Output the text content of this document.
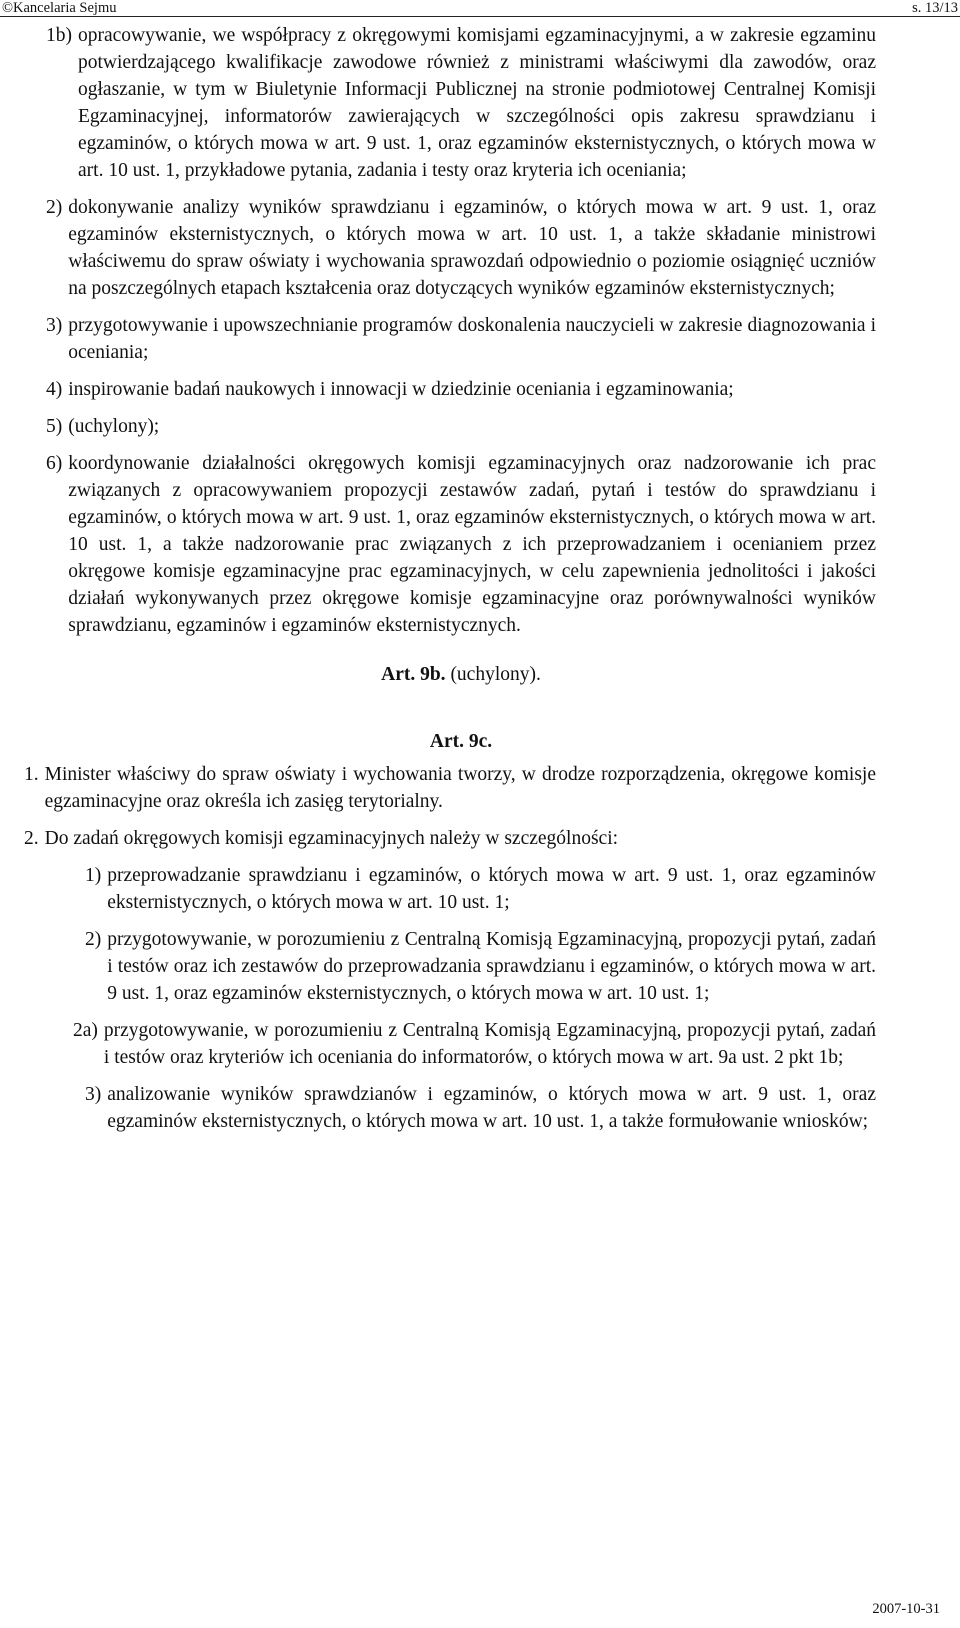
©Kancelaria Sejmu	s. 13/13
1b) opracowywanie, we współpracy z okręgowymi komisjami egzaminacyjnymi, a w zakresie egzaminu potwierdzającego kwalifikacje zawodowe również z ministrami właściwymi dla zawodów, oraz ogłaszanie, w tym w Biuletynie Informacji Publicznej na stronie podmiotowej Centralnej Komisji Egzaminacyjnej, informatorów zawierających w szczególności opis zakresu sprawdzianu i egzaminów, o których mowa w art. 9 ust. 1, oraz egzaminów eksternistycznych, o których mowa w art. 10 ust. 1, przykładowe pytania, zadania i testy oraz kryteria ich oceniania;
2) dokonywanie analizy wyników sprawdzianu i egzaminów, o których mowa w art. 9 ust. 1, oraz egzaminów eksternistycznych, o których mowa w art. 10 ust. 1, a także składanie ministrowi właściwemu do spraw oświaty i wychowania sprawozdań odpowiednio o poziomie osiągnięć uczniów na poszczególnych etapach kształcenia oraz dotyczących wyników egzaminów eksternistycznych;
3) przygotowywanie i upowszechnianie programów doskonalenia nauczycieli w zakresie diagnozowania i oceniania;
4) inspirowanie badań naukowych i innowacji w dziedzinie oceniania i egzaminowania;
5) (uchylony);
6) koordynowanie działalności okręgowych komisji egzaminacyjnych oraz nadzorowanie ich prac związanych z opracowywaniem propozycji zestawów zadań, pytań i testów do sprawdzianu i egzaminów, o których mowa w art. 9 ust. 1, oraz egzaminów eksternistycznych, o których mowa w art. 10 ust. 1, a także nadzorowanie prac związanych z ich przeprowadzaniem i ocenianiem przez okręgowe komisje egzaminacyjne prac egzaminacyjnych, w celu zapewnienia jednolitości i jakości działań wykonywanych przez okręgowe komisje egzaminacyjne oraz porównywalności wyników sprawdzianu, egzaminów i egzaminów eksternistycznych.
Art. 9b. (uchylony).
Art. 9c.
1. Minister właściwy do spraw oświaty i wychowania tworzy, w drodze rozporządzenia, okręgowe komisje egzaminacyjne oraz określa ich zasięg terytorialny.
2. Do zadań okręgowych komisji egzaminacyjnych należy w szczególności:
1) przeprowadzanie sprawdzianu i egzaminów, o których mowa w art. 9 ust. 1, oraz egzaminów eksternistycznych, o których mowa w art. 10 ust. 1;
2) przygotowywanie, w porozumieniu z Centralną Komisją Egzaminacyjną, propozycji pytań, zadań i testów oraz ich zestawów do przeprowadzania sprawdzianu i egzaminów, o których mowa w art. 9 ust. 1, oraz egzaminów eksternistycznych, o których mowa w art. 10 ust. 1;
2a) przygotowywanie, w porozumieniu z Centralną Komisją Egzaminacyjną, propozycji pytań, zadań i testów oraz kryteriów ich oceniania do informatorów, o których mowa w art. 9a ust. 2 pkt 1b;
3) analizowanie wyników sprawdzianów i egzaminów, o których mowa w art. 9 ust. 1, oraz egzaminów eksternistycznych, o których mowa w art. 10 ust. 1, a także formułowanie wniosków;
2007-10-31
